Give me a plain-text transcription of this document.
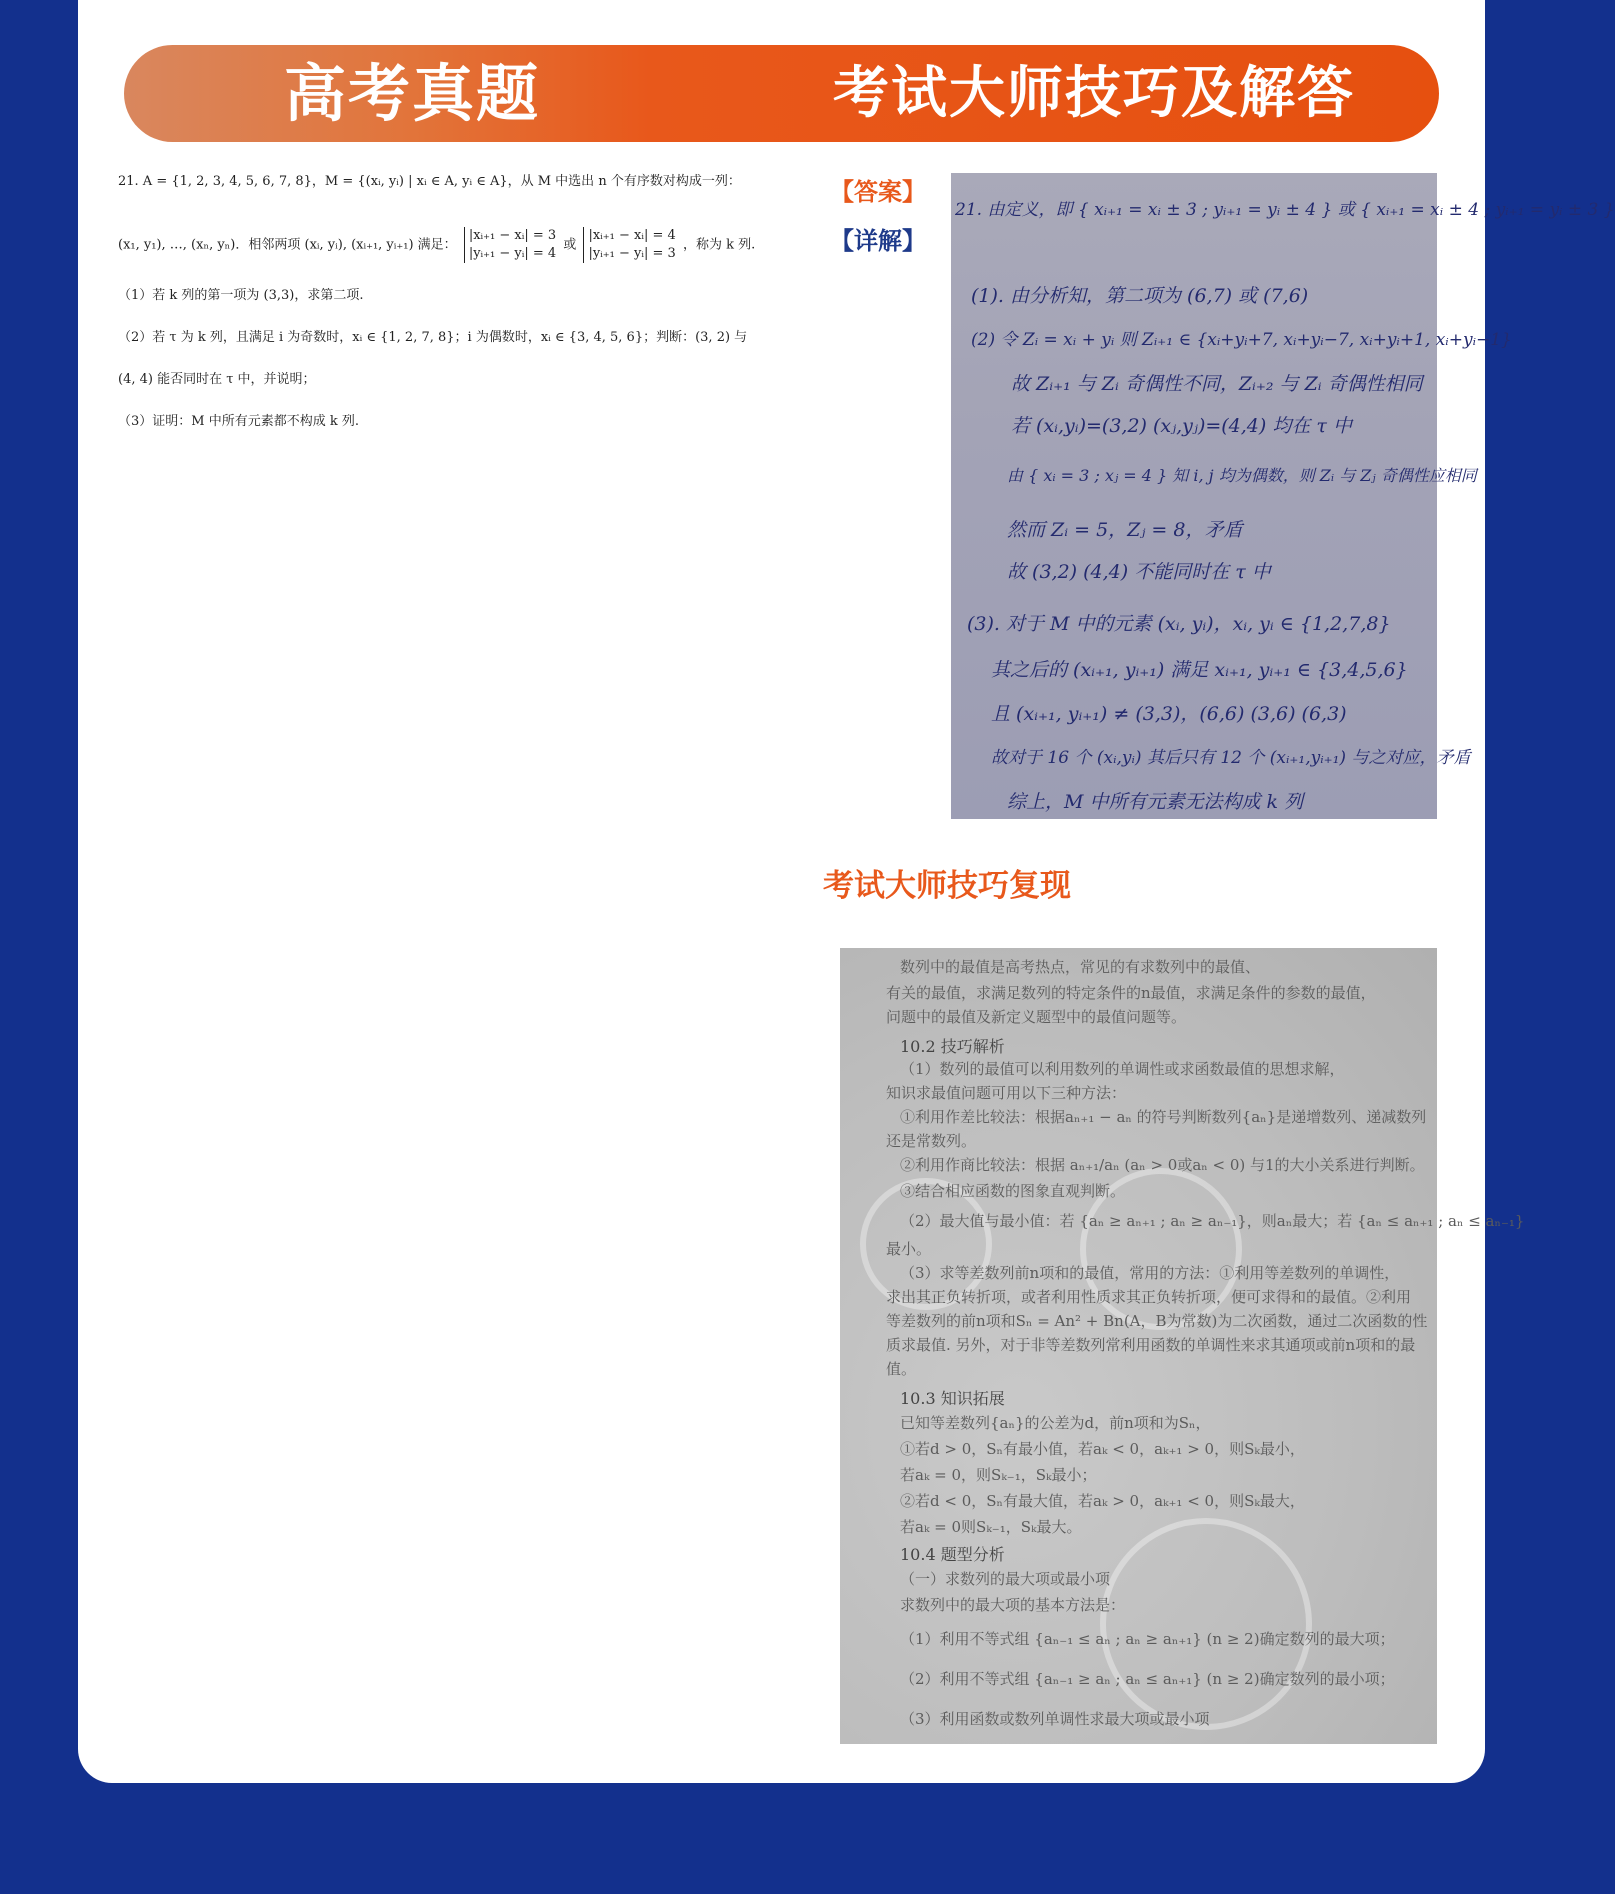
高考真题	考试大师技巧及解答
21. A = {1, 2, 3, 4, 5, 6, 7, 8}，M = {(xᵢ, yᵢ) | xᵢ ∈ A, yᵢ ∈ A}，从 M 中选出 n 个有序数对构成一列：
(x₁, y₁), …, (xₙ, yₙ)．相邻两项 (xᵢ, yᵢ), (xᵢ₊₁, yᵢ₊₁) 满足： |xᵢ₊₁ − xᵢ| = 3
|yᵢ₊₁ − yᵢ| = 4 或 |xᵢ₊₁ − xᵢ| = 4
|yᵢ₊₁ − yᵢ| = 3 ，称为 k 列.
（1）若 k 列的第一项为 (3,3)，求第二项.
（2）若 τ 为 k 列，且满足 i 为奇数时，xᵢ ∈ {1, 2, 7, 8}；i 为偶数时，xᵢ ∈ {3, 4, 5, 6}；判断：(3, 2) 与
(4, 4) 能否同时在 τ 中，并说明；
（3）证明：M 中所有元素都不构成 k 列.
【答案】
【详解】
21. 由定义，即 { xᵢ₊₁ = xᵢ ± 3 ; yᵢ₊₁ = yᵢ ± 4 } 或 { xᵢ₊₁ = xᵢ ± 4 ; yᵢ₊₁ = yᵢ ± 3 }
(1). 由分析知，第二项为 (6,7) 或 (7,6)
(2) 令 Zᵢ = xᵢ + yᵢ 则 Zᵢ₊₁ ∈ {xᵢ+yᵢ+7, xᵢ+yᵢ−7, xᵢ+yᵢ+1, xᵢ+yᵢ−1}
故 Zᵢ₊₁ 与 Zᵢ 奇偶性不同，Zᵢ₊₂ 与 Zᵢ 奇偶性相同
若 (xᵢ,yᵢ)=(3,2) (xⱼ,yⱼ)=(4,4) 均在 τ 中
由 { xᵢ = 3 ; xⱼ = 4 } 知 i, j 均为偶数，则 Zᵢ 与 Zⱼ 奇偶性应相同
然而 Zᵢ = 5，Zⱼ = 8，矛盾
故 (3,2) (4,4) 不能同时在 τ 中
(3). 对于 M 中的元素 (xᵢ, yᵢ)，xᵢ, yᵢ ∈ {1,2,7,8}
其之后的 (xᵢ₊₁, yᵢ₊₁) 满足 xᵢ₊₁, yᵢ₊₁ ∈ {3,4,5,6}
且 (xᵢ₊₁, yᵢ₊₁) ≠ (3,3)，(6,6) (3,6) (6,3)
故对于 16 个 (xᵢ,yᵢ) 其后只有 12 个 (xᵢ₊₁,yᵢ₊₁) 与之对应，矛盾
综上，M 中所有元素无法构成 k 列
考试大师技巧复现
数列中的最值是高考热点，常见的有求数列中的最值、
有关的最值，求满足数列的特定条件的n最值，求满足条件的参数的最值，
问题中的最值及新定义题型中的最值问题等。
10.2 技巧解析
（1）数列的最值可以利用数列的单调性或求函数最值的思想求解，
知识求最值问题可用以下三种方法：
①利用作差比较法：根据aₙ₊₁ − aₙ 的符号判断数列{aₙ}是递增数列、递减数列
还是常数列。
②利用作商比较法：根据 aₙ₊₁/aₙ (aₙ > 0或aₙ < 0) 与1的大小关系进行判断。
③结合相应函数的图象直观判断。
（2）最大值与最小值：若 {aₙ ≥ aₙ₊₁ ; aₙ ≥ aₙ₋₁}，则aₙ最大；若 {aₙ ≤ aₙ₊₁ ; aₙ ≤ aₙ₋₁}
最小。
（3）求等差数列前n项和的最值，常用的方法：①利用等差数列的单调性，
求出其正负转折项，或者利用性质求其正负转折项，便可求得和的最值。②利用
等差数列的前n项和Sₙ = An² + Bn(A，B为常数)为二次函数，通过二次函数的性
质求最值. 另外，对于非等差数列常利用函数的单调性来求其通项或前n项和的最
值。
10.3 知识拓展
已知等差数列{aₙ}的公差为d，前n项和为Sₙ，
①若d > 0，Sₙ有最小值，若aₖ < 0，aₖ₊₁ > 0，则Sₖ最小，
若aₖ = 0，则Sₖ₋₁，Sₖ最小；
②若d < 0，Sₙ有最大值，若aₖ > 0，aₖ₊₁ < 0，则Sₖ最大，
若aₖ = 0则Sₖ₋₁，Sₖ最大。
10.4 题型分析
（一）求数列的最大项或最小项
求数列中的最大项的基本方法是：
（1）利用不等式组 {aₙ₋₁ ≤ aₙ ; aₙ ≥ aₙ₊₁} (n ≥ 2)确定数列的最大项；
（2）利用不等式组 {aₙ₋₁ ≥ aₙ ; aₙ ≤ aₙ₊₁} (n ≥ 2)确定数列的最小项；
（3）利用函数或数列单调性求最大项或最小项
